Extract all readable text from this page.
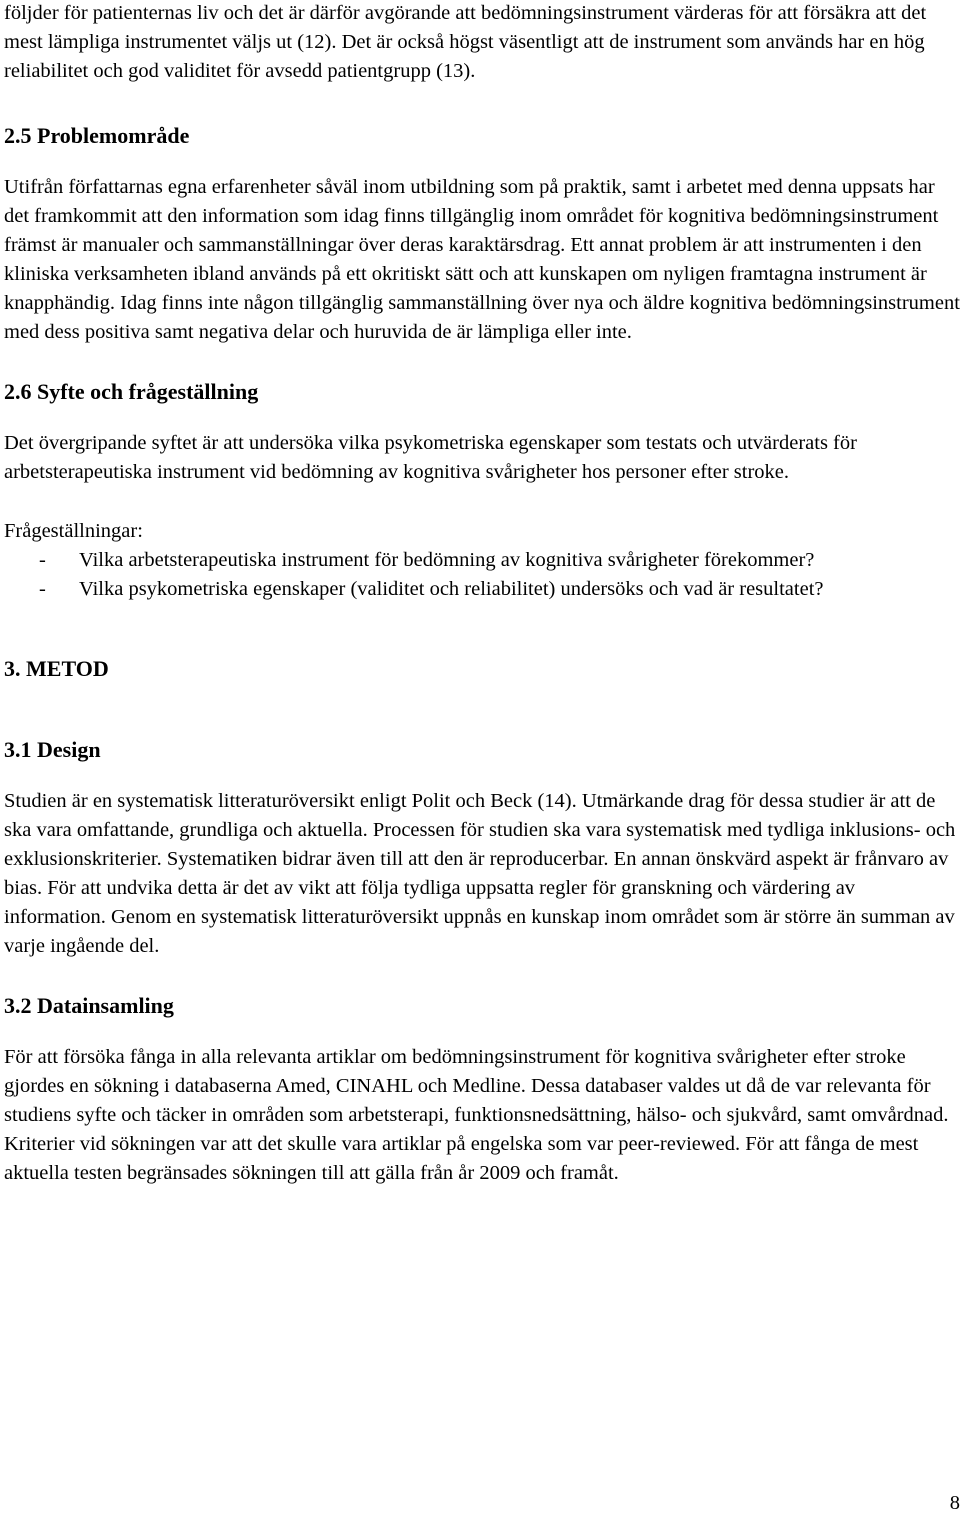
följder för patienternas liv och det är därför avgörande att bedömningsinstrument värderas för att försäkra att det mest lämpliga instrumentet väljs ut (12). Det är också högst väsentligt att de instrument som används har en hög reliabilitet och god validitet för avsedd patientgrupp (13).

2.5 Problemområde

Utifrån författarnas egna erfarenheter såväl inom utbildning som på praktik, samt i arbetet med denna uppsats har det framkommit att den information som idag finns tillgänglig inom området för kognitiva bedömningsinstrument främst är manualer och sammanställningar över deras karaktärsdrag. Ett annat problem är att instrumenten i den kliniska verksamheten ibland används på ett okritiskt sätt och att kunskapen om nyligen framtagna instrument är knapphändig. Idag finns inte någon tillgänglig sammanställning över nya och äldre kognitiva bedömningsinstrument med dess positiva samt negativa delar och huruvida de är lämpliga eller inte.

2.6 Syfte och frågeställning

Det övergripande syftet är att undersöka vilka psykometriska egenskaper som testats och utvärderats för arbetsterapeutiska instrument vid bedömning av kognitiva svårigheter hos personer efter stroke.

Frågeställningar:

- Vilka arbetsterapeutiska instrument för bedömning av kognitiva svårigheter förekommer?
- Vilka psykometriska egenskaper (validitet och reliabilitet) undersöks och vad är resultatet?
3. METOD
3.1 Design

Studien är en systematisk litteraturöversikt enligt Polit och Beck (14). Utmärkande drag för dessa studier är att de ska vara omfattande, grundliga och aktuella. Processen för studien ska vara systematisk med tydliga inklusions- och exklusionskriterier. Systematiken bidrar även till att den är reproducerbar. En annan önskvärd aspekt är frånvaro av bias. För att undvika detta är det av vikt att följa tydliga uppsatta regler för granskning och värdering av information. Genom en systematisk litteraturöversikt uppnås en kunskap inom området som är större än summan av varje ingående del.

3.2 Datainsamling

För att försöka fånga in alla relevanta artiklar om bedömningsinstrument för kognitiva svårigheter efter stroke gjordes en sökning i databaserna Amed, CINAHL och Medline. Dessa databaser valdes ut då de var relevanta för studiens syfte och täcker in områden som arbetsterapi, funktionsnedsättning, hälso- och sjukvård, samt omvårdnad. Kriterier vid sökningen var att det skulle vara artiklar på engelska som var peer-reviewed. För att fånga de mest aktuella testen begränsades sökningen till att gälla från år 2009 och framåt.

8
